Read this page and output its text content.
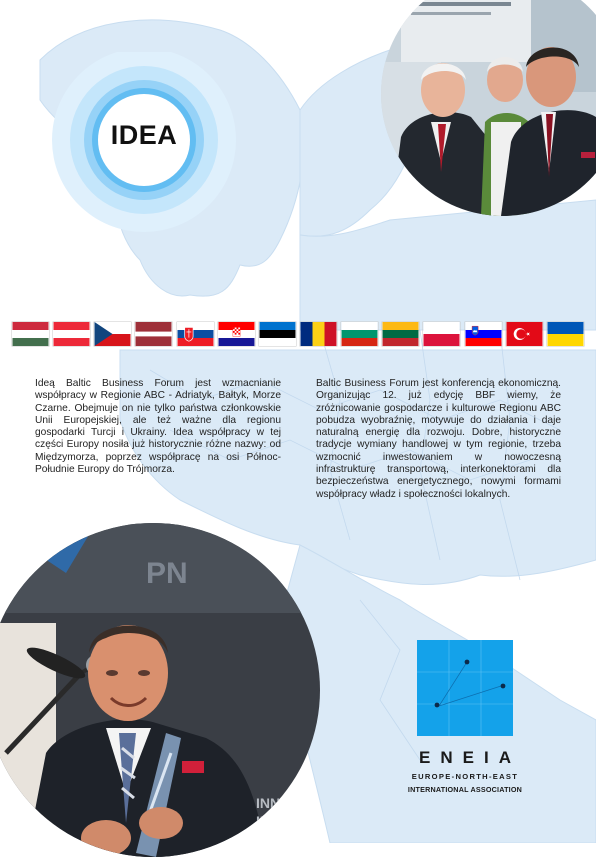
IDEA

Ideą Baltic Business Forum jest wzmacnianie współpracy w Regionie ABC - Adriatyk, Bałtyk, Morze Czarne. Obejmuje on nie tylko państwa członkowskie Unii Europejskiej, ale też ważne dla regionu gospodarki Turcji i Ukrainy. Idea współpracy w tej części Europy nosiła już historycznie różne nazwy: od Międzymorza, poprzez współpracę na osi Północ- Południe Europy do Trójmorza.

Baltic Business Forum jest konferencją ekonomiczną. Organizując 12. już edycję BBF wiemy, że zróżnicowanie gospodarcze i kulturowe Regionu ABC pobudza wyobraźnię, motywuje do działania i daje naturalną energię dla rozwoju. Dobre, historyczne tradycje wymiany handlowej w tym regionie, trzeba wzmocnić inwestowaniem w nowoczesną infrastrukturę transportową, interkonektorami dla bezpieczeństwa energetycznego, nowymi formami współpracy władz i społeczności lokalnych.

PN
INNO
INNO
ENEIA
EUROPE-NORTH-EAST
INTERNATIONAL ASSOCIATION
